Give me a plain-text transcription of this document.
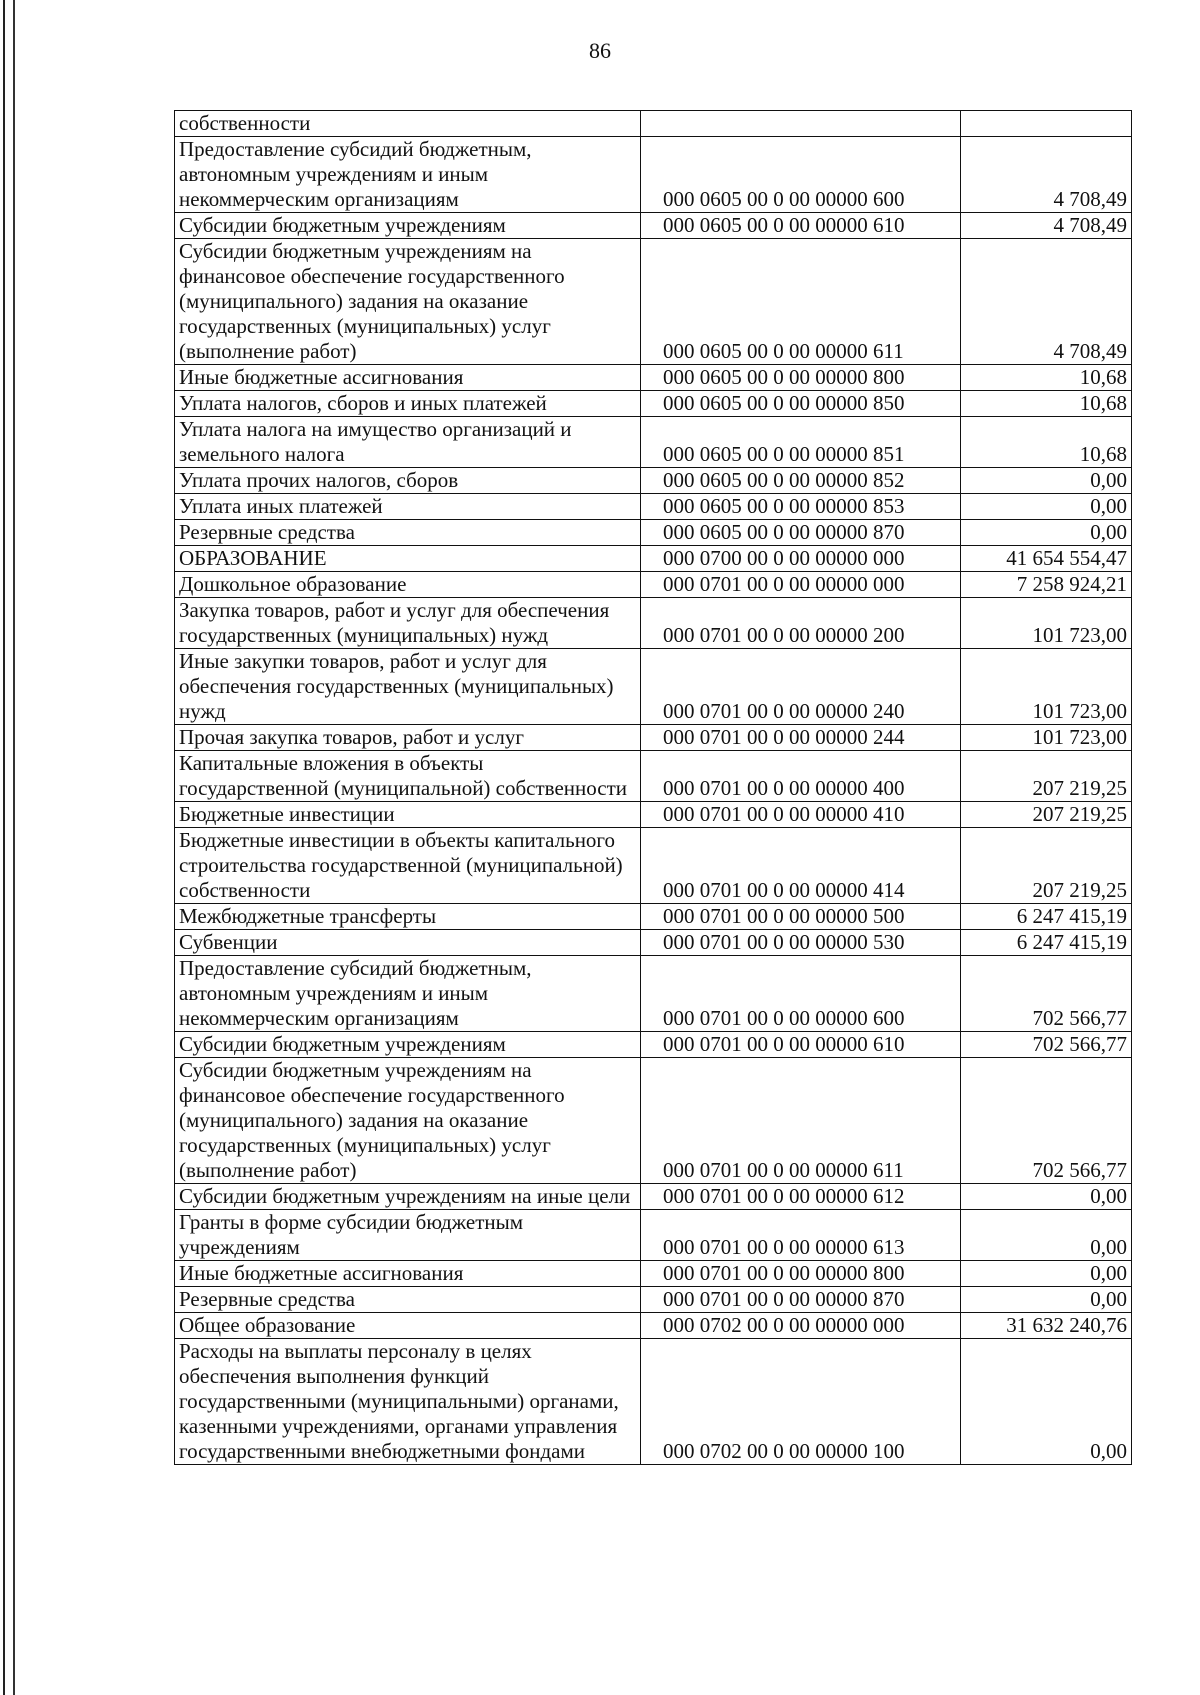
86
собственности		
Предоставление субсидий бюджетным, автономным учреждениям и иным некоммерческим организациям	000 0605 00 0 00 00000 600	4 708,49
Субсидии бюджетным учреждениям	000 0605 00 0 00 00000 610	4 708,49
Субсидии бюджетным учреждениям на финансовое обеспечение государственного (муниципального) задания на оказание государственных (муниципальных) услуг (выполнение работ)	000 0605 00 0 00 00000 611	4 708,49
Иные бюджетные ассигнования	000 0605 00 0 00 00000 800	10,68
Уплата налогов, сборов и иных платежей	000 0605 00 0 00 00000 850	10,68
Уплата налога на имущество организаций и земельного налога	000 0605 00 0 00 00000 851	10,68
Уплата прочих налогов, сборов	000 0605 00 0 00 00000 852	0,00
Уплата иных платежей	000 0605 00 0 00 00000 853	0,00
Резервные средства	000 0605 00 0 00 00000 870	0,00
ОБРАЗОВАНИЕ	000 0700 00 0 00 00000 000	41 654 554,47
Дошкольное образование	000 0701 00 0 00 00000 000	7 258 924,21
Закупка товаров, работ и услуг для обеспечения государственных (муниципальных) нужд	000 0701 00 0 00 00000 200	101 723,00
Иные закупки товаров, работ и услуг для обеспечения государственных (муниципальных) нужд	000 0701 00 0 00 00000 240	101 723,00
Прочая закупка товаров, работ и услуг	000 0701 00 0 00 00000 244	101 723,00
Капитальные вложения в объекты государственной (муниципальной) собственности	000 0701 00 0 00 00000 400	207 219,25
Бюджетные инвестиции	000 0701 00 0 00 00000 410	207 219,25
Бюджетные инвестиции в объекты капитального строительства государственной (муниципальной) собственности	000 0701 00 0 00 00000 414	207 219,25
Межбюджетные трансферты	000 0701 00 0 00 00000 500	6 247 415,19
Субвенции	000 0701 00 0 00 00000 530	6 247 415,19
Предоставление субсидий бюджетным, автономным учреждениям и иным некоммерческим организациям	000 0701 00 0 00 00000 600	702 566,77
Субсидии бюджетным учреждениям	000 0701 00 0 00 00000 610	702 566,77
Субсидии бюджетным учреждениям на финансовое обеспечение государственного (муниципального) задания на оказание государственных (муниципальных) услуг (выполнение работ)	000 0701 00 0 00 00000 611	702 566,77
Субсидии бюджетным учреждениям на иные цели	000 0701 00 0 00 00000 612	0,00
Гранты в форме субсидии бюджетным учреждениям	000 0701 00 0 00 00000 613	0,00
Иные бюджетные ассигнования	000 0701 00 0 00 00000 800	0,00
Резервные средства	000 0701 00 0 00 00000 870	0,00
Общее образование	000 0702 00 0 00 00000 000	31 632 240,76
Расходы на выплаты персоналу в целях обеспечения выполнения функций государственными (муниципальными) органами, казенными учреждениями, органами управления государственными внебюджетными фондами	000 0702 00 0 00 00000 100	0,00
